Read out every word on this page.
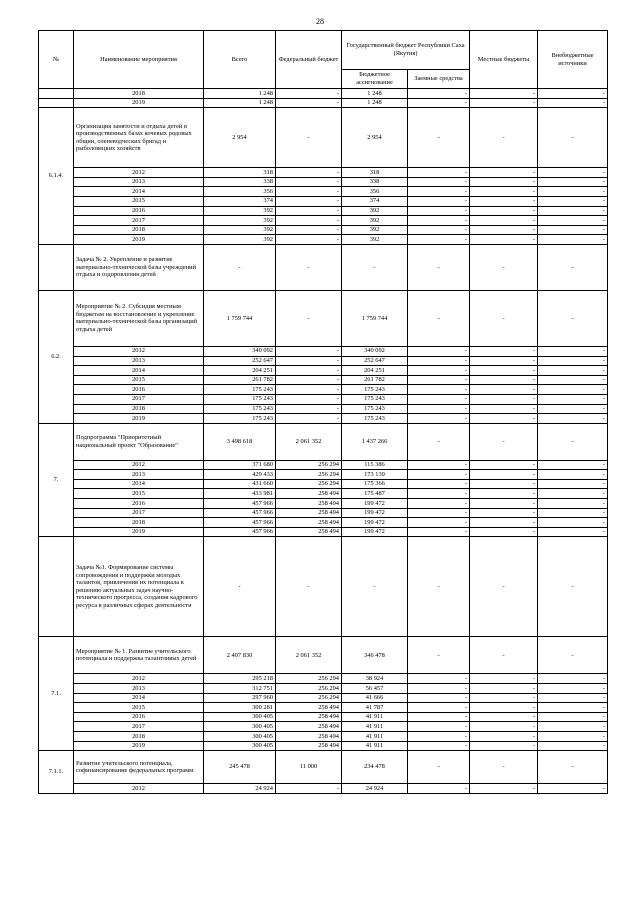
28
№	Наименование мероприятия	Всего	Федеральный бюджет	Государственный бюджет Республики Саха (Якутия)		Местные бюджеты	Внебюджетные источники
				Бюджетное ассигнование	Заемные средства		
	2018	1 248	-	1 248	-	-	-
	2019	1 248	-	1 248	-	-	-
6.1.4.	Организация занятости и отдыха детей в производственных базах кочевых родовых общин, оленеводческих бригад и рыболовецких хозяйств	2 954	-	2 954	-	-	-
	2012	318	-	318	-	-	-
	2013	338	-	338	-	-	-
	2014	356	-	356	-	-	-
	2015	374	-	374	-	-	-
	2016	392	-	392	-	-	-
	2017	392	-	392	-	-	-
	2018	392	-	392	-	-	-
	2019	392	-	392	-	-	-
	Задача № 2. Укрепление и развитие материально-технической базы учреждений отдыха и оздоровления детей	-	-	-	-	-	-
6.2.	Мероприятие № 2. Субсидия местным бюджетам на восстановление и укрепление материально-технической базы организаций отдыха детей	1 759 744	-	1 759 744	-	-	-
	2012	340 092	-	340 092	-	-	-
	2013	252 647	-	252 647	-	-	-
	2014	204 251	-	204 251	-	-	-
	2015	261 782	-	261 782	-	-	-
	2016	175 243	-	175 243	-	-	-
	2017	175 243	-	175 243	-	-	-
	2018	175 243	-	175 243	-	-	-
	2019	175 243	-	175 243	-	-	-
7.	Подпрограмма "Приоритетный национальный проект "Образование"	3 498 618	2 061 352	1 437 266	-	-	-
	2012	371 680	256 294	115 386	-	-	-
	2013	429 433	256 294	173 139	-	-	-
	2014	431 660	256 294	175 366	-	-	-
	2015	433 981	258 494	175 487	-	-	-
	2016	457 966	258 494	199 472	-	-	-
	2017	457 966	258 494	199 472	-	-	-
	2018	457 966	258 494	199 472	-	-	-
	2019	457 966	258 494	199 472	-	-	-
	Задача №1. Формирование системы сопровождения и поддержки молодых талантов, привлечения их потенциала к решению актуальных задач научно-технического прогресса, создания кадрового ресурса в различных сферах деятельности	-	-	-	-	-	-
7.1.	Мероприятие № 1. Развитие учительского потенциала и поддержка талантливых детей	2 407 830	2 061 352	346 478	-	-	-
	2012	295 218	256 294	38 924	-	-	-
	2013	312 751	256 294	56 457	-	-	-
	2014	297 960	256 294	41 666	-	-	-
	2015	300 281	258 494	41 787	-	-	-
	2016	300 405	258 494	41 911	-	-	-
	2017	300 405	258 494	41 911	-	-	-
	2018	300 405	258 494	41 911	-	-	-
	2019	300 405	258 494	41 911	-	-	-
7.1.1.	Развитие учительского потенциала, софинансирование федеральных программ	245 478	11 000	234 478	-	-	-
	2012	24 924	-	24 924	-	-	-
